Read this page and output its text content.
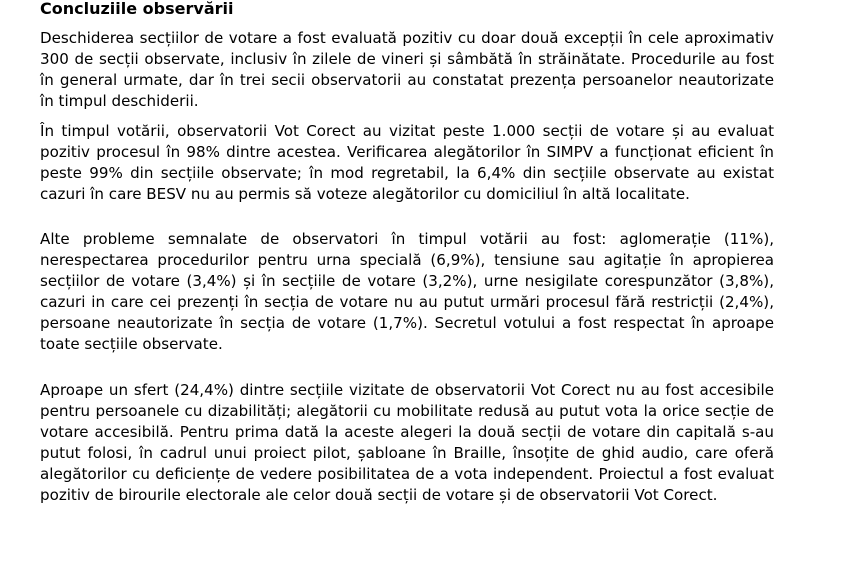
Concluziile observării

Deschiderea secțiilor de votare a fost evaluată pozitiv cu doar două excepții în cele aproximativ 300 de secții observate, inclusiv în zilele de vineri și sâmbătă în străinătate. Procedurile au fost în general urmate, dar în trei secii observatorii au constatat prezența persoanelor neautorizate în timpul deschiderii.

În timpul votării, observatorii Vot Corect au vizitat peste 1.000 secții de votare și au evaluat pozitiv procesul în 98% dintre acestea. Verificarea alegătorilor în SIMPV a funcționat eficient în peste 99% din secțiile observate; în mod regretabil, la 6,4% din secțiile observate au existat cazuri în care BESV nu au permis să voteze alegătorilor cu domiciliul în altă localitate.

Alte probleme semnalate de observatori în timpul votării au fost: aglomerație (11%), nerespectarea procedurilor pentru urna specială (6,9%), tensiune sau agitație în apropierea secțiilor de votare (3,4%) și în secțiile de votare (3,2%), urne nesigilate corespunzător (3,8%), cazuri in care cei prezenți în secția de votare nu au putut urmări procesul fără restricții (2,4%), persoane neautorizate în secția de votare (1,7%). Secretul votului a fost respectat în aproape toate secțiile observate.

Aproape un sfert (24,4%) dintre secțiile vizitate de observatorii Vot Corect nu au fost accesibile pentru persoanele cu dizabilități; alegătorii cu mobilitate redusă au putut vota la orice secție de votare accesibilă. Pentru prima dată la aceste alegeri la două secții de votare din capitală s-au putut folosi, în cadrul unui proiect pilot, șabloane în Braille, însoțite de ghid audio, care oferă alegătorilor cu deficiențe de vedere posibilitatea de a vota independent. Proiectul a fost evaluat pozitiv de birourile electorale ale celor două secții de votare și de observatorii Vot Corect.
